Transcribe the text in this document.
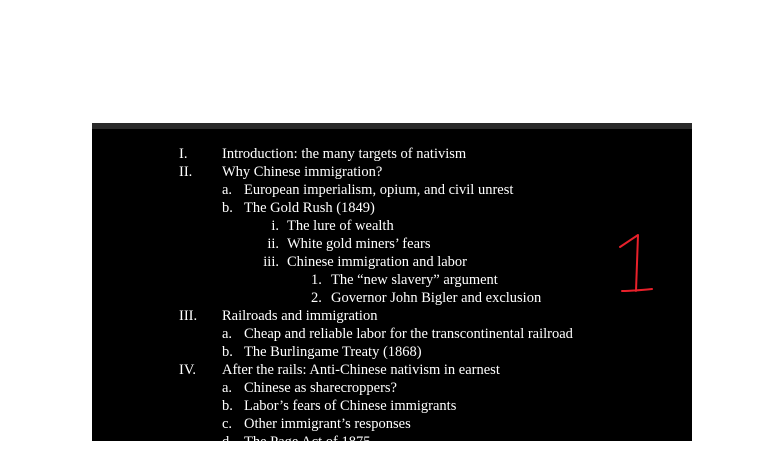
I. Introduction: the many targets of nativism
II. Why Chinese immigration?
a. European imperialism, opium, and civil unrest
b. The Gold Rush (1849)
i. The lure of wealth
ii. White gold miners’ fears
iii. Chinese immigration and labor
1. The “new slavery” argument
2. Governor John Bigler and exclusion
III. Railroads and immigration
a. Cheap and reliable labor for the transcontinental railroad
b. The Burlingame Treaty (1868)
IV. After the rails: Anti-Chinese nativism in earnest
a. Chinese as sharecroppers?
b. Labor’s fears of Chinese immigrants
c. Other immigrant’s responses
d. The Page Act of 1875
